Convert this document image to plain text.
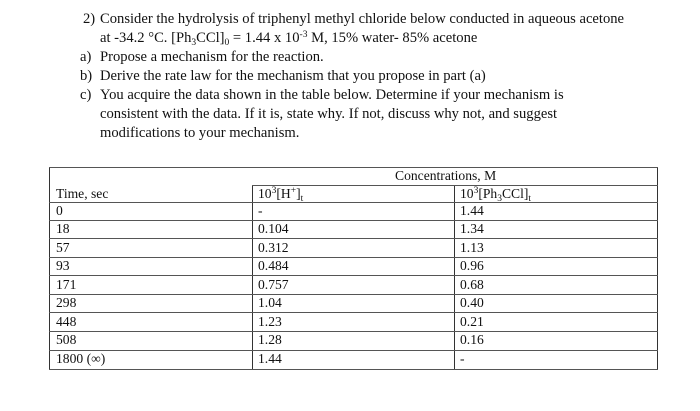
2) Consider the hydrolysis of triphenyl methyl chloride below conducted in aqueous acetone
at -34.2 °C. $[Ph_3CCl]_0 = 1.44$ x $10^{-3}$ M, 15% water- 85% acetone
a) Propose a mechanism for the reaction.
b) Derive the rate law for the mechanism that you propose in part (a)
c) You acquire the data shown in the table below. Determine if your mechanism is
consistent with the data. If it is, state why. If not, discuss why not, and suggest
modifications to your mechanism.
Concentrations, M
Time, sec	$10^3[H^+]_t$	$10^3[Ph_3CCl]_t$
0	-	1.44
18	0.104	1.34
57	0.312	1.13
93	0.484	0.96
171	0.757	0.68
298	1.04	0.40
448	1.23	0.21
508	1.28	0.16
1800 (∞)	1.44	-
